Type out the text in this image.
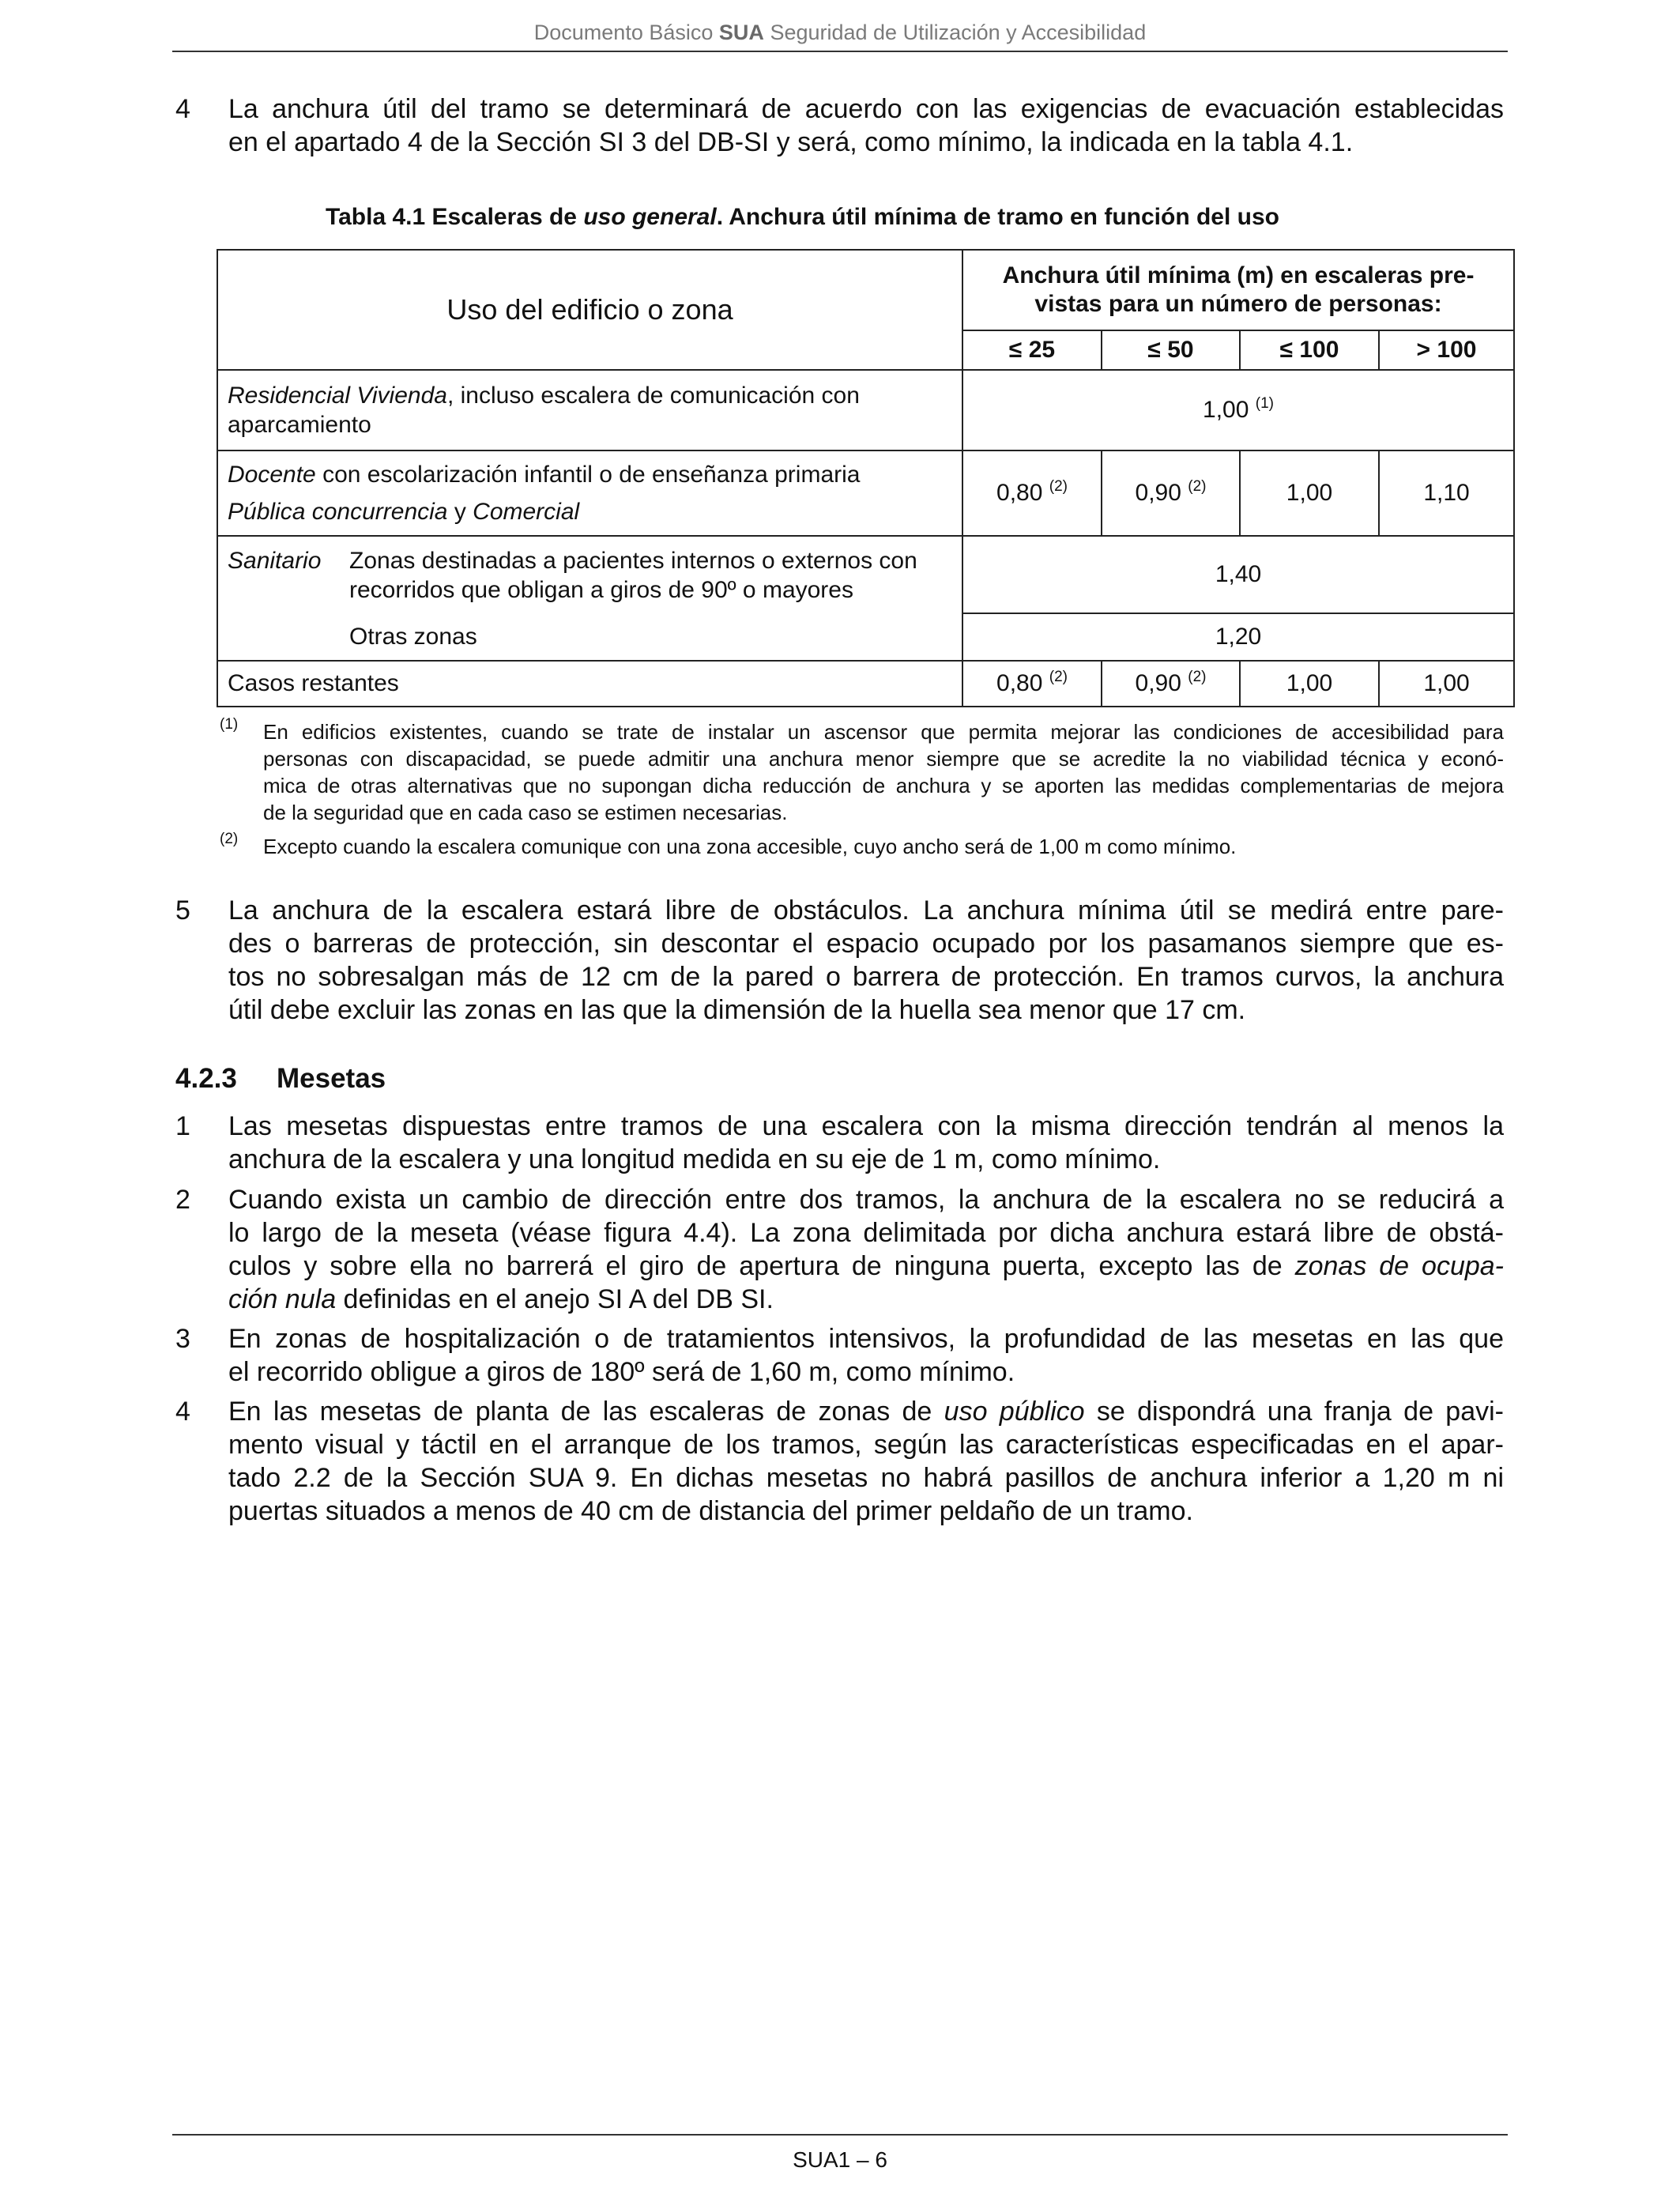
Documento Básico SUA Seguridad de Utilización y Accesibilidad
4 La anchura útil del tramo se determinará de acuerdo con las exigencias de evacuación establecidas
en el apartado 4 de la Sección SI 3 del DB-SI y será, como mínimo, la indicada en la tabla 4.1.
Tabla 4.1 Escaleras de uso general. Anchura útil mínima de tramo en función del uso
Uso del edificio o zona	Anchura útil mínima (m) en escaleras pre-vistas para un número de personas:			
	≤ 25	≤ 50	≤ 100	> 100
Residencial Vivienda, incluso escalera de comunicación con aparcamiento	1,00 $^{(1)}$

Docente con escolarización infantil o de enseñanza primaria
Pública concurrencia y Comercial	0,80 $^{(2)}$	0,90 $^{(2)}$	1,00	1,10

Sanitario Zonas destinadas a pacientes internos o externos con recorridos que obligan a giros de 90º o mayores	1,40			
Otras zonas	1,20			
Casos restantes	0,80 $^{(2)}$	0,90 $^{(2)}$	1,00	1,00
(1) En edificios existentes, cuando se trate de instalar un ascensor que permita mejorar las condiciones de accesibilidad para
personas con discapacidad, se puede admitir una anchura menor siempre que se acredite la no viabilidad técnica y econó-
mica de otras alternativas que no supongan dicha reducción de anchura y se aporten las medidas complementarias de mejora
de la seguridad que en cada caso se estimen necesarias.
(2) Excepto cuando la escalera comunique con una zona accesible, cuyo ancho será de 1,00 m como mínimo.
5 La anchura de la escalera estará libre de obstáculos. La anchura mínima útil se medirá entre pare-
des o barreras de protección, sin descontar el espacio ocupado por los pasamanos siempre que es-
tos no sobresalgan más de 12 cm de la pared o barrera de protección. En tramos curvos, la anchura
útil debe excluir las zonas en las que la dimensión de la huella sea menor que 17 cm.
4.2.3 Mesetas
1 Las mesetas dispuestas entre tramos de una escalera con la misma dirección tendrán al menos la
anchura de la escalera y una longitud medida en su eje de 1 m, como mínimo.
2 Cuando exista un cambio de dirección entre dos tramos, la anchura de la escalera no se reducirá a
lo largo de la meseta (véase figura 4.4). La zona delimitada por dicha anchura estará libre de obstá-
culos y sobre ella no barrerá el giro de apertura de ninguna puerta, excepto las de zonas de ocupa-
ción nula definidas en el anejo SI A del DB SI.
3 En zonas de hospitalización o de tratamientos intensivos, la profundidad de las mesetas en las que
el recorrido obligue a giros de 180º será de 1,60 m, como mínimo.
4 En las mesetas de planta de las escaleras de zonas de uso público se dispondrá una franja de pavi-
mento visual y táctil en el arranque de los tramos, según las características especificadas en el apar-
tado 2.2 de la Sección SUA 9. En dichas mesetas no habrá pasillos de anchura inferior a 1,20 m ni
puertas situados a menos de 40 cm de distancia del primer peldaño de un tramo.
SUA1 – 6
